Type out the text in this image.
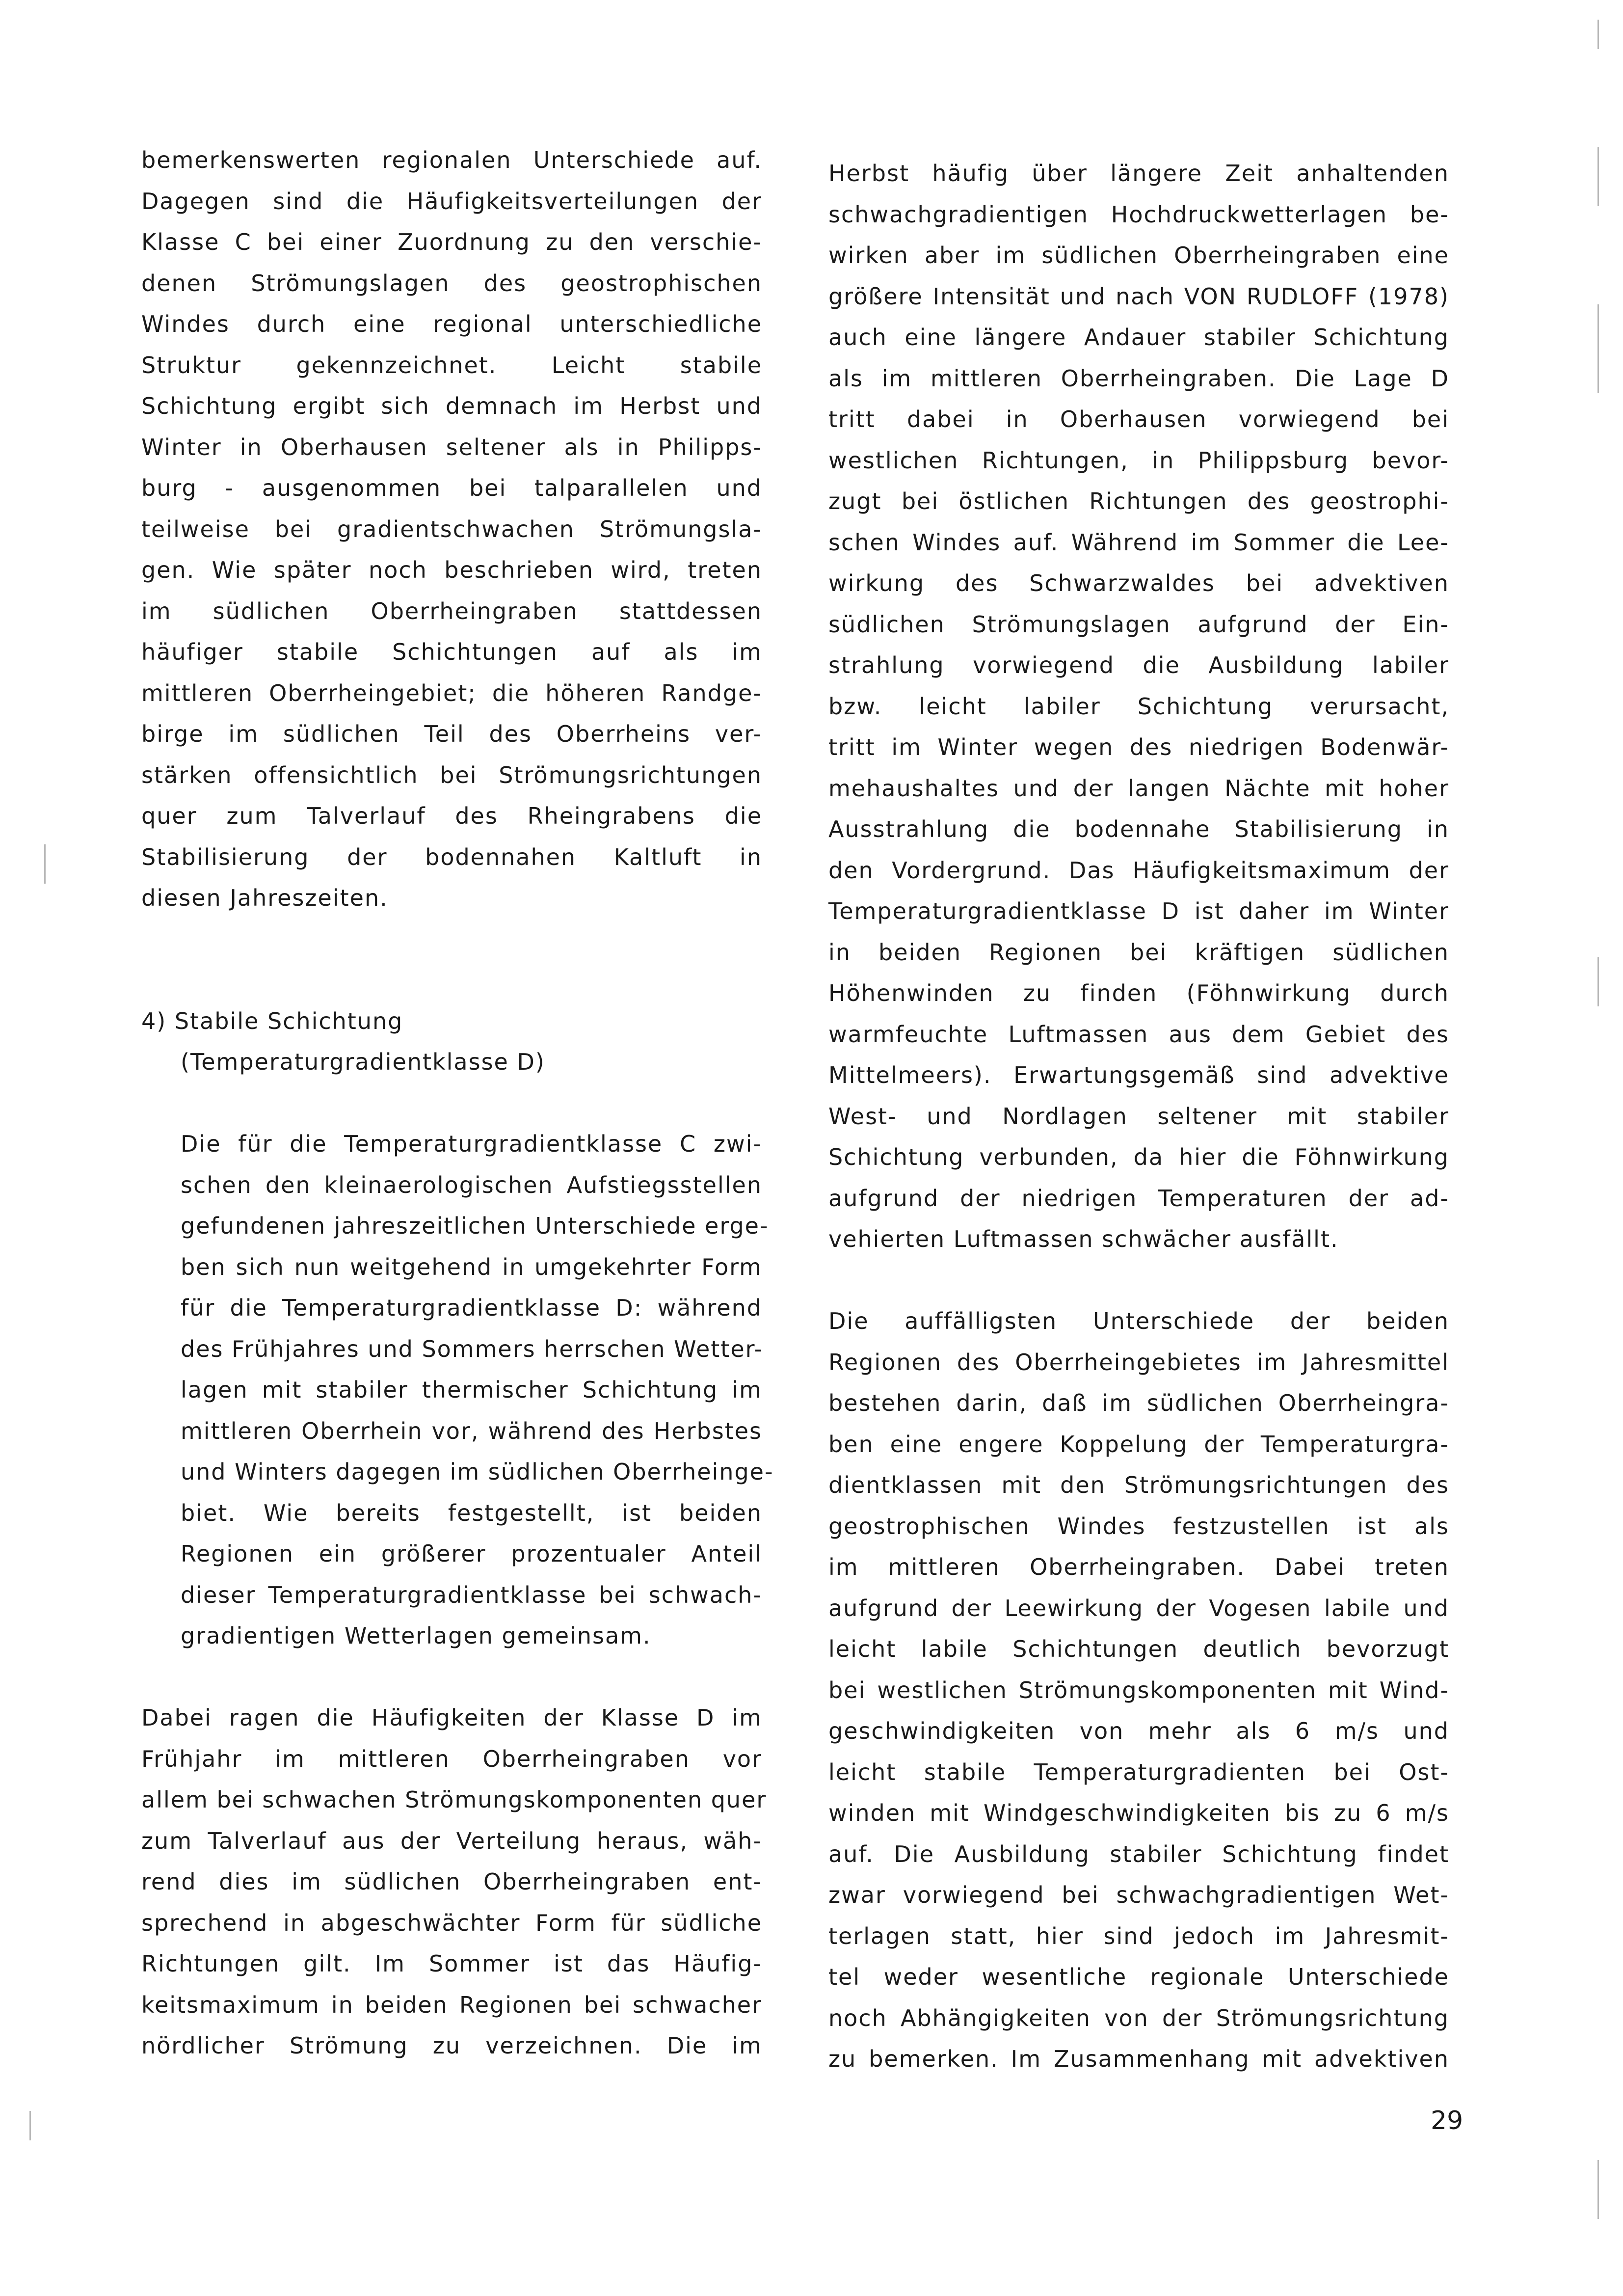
bemerkenswerten regionalen Unterschiede auf.
Dagegen sind die Häufigkeitsverteilungen der
Klasse C bei einer Zuordnung zu den verschie-
denen Strömungslagen des geostrophischen
Windes durch eine regional unterschiedliche
Struktur gekennzeichnet. Leicht stabile
Schichtung ergibt sich demnach im Herbst und
Winter in Oberhausen seltener als in Philipps-
burg - ausgenommen bei talparallelen und
teilweise bei gradientschwachen Strömungsla-
gen. Wie später noch beschrieben wird, treten
im südlichen Oberrheingraben stattdessen
häufiger stabile Schichtungen auf als im
mittleren Oberrheingebiet; die höheren Randge-
birge im südlichen Teil des Oberrheins ver-
stärken offensichtlich bei Strömungsrichtungen
quer zum Talverlauf des Rheingrabens die
Stabilisierung der bodennahen Kaltluft in
diesen Jahreszeiten.
4) Stabile Schichtung
(Temperaturgradientklasse D)
Die für die Temperaturgradientklasse C zwi-
schen den kleinaerologischen Aufstiegsstellen
gefundenen jahreszeitlichen Unterschiede erge-
ben sich nun weitgehend in umgekehrter Form
für die Temperaturgradientklasse D: während
des Frühjahres und Sommers herrschen Wetter-
lagen mit stabiler thermischer Schichtung im
mittleren Oberrhein vor, während des Herbstes
und Winters dagegen im südlichen Oberrheinge-
biet. Wie bereits festgestellt, ist beiden
Regionen ein größerer prozentualer Anteil
dieser Temperaturgradientklasse bei schwach-
gradientigen Wetterlagen gemeinsam.
Dabei ragen die Häufigkeiten der Klasse D im
Frühjahr im mittleren Oberrheingraben vor
allem bei schwachen Strömungskomponenten quer
zum Talverlauf aus der Verteilung heraus, wäh-
rend dies im südlichen Oberrheingraben ent-
sprechend in abgeschwächter Form für südliche
Richtungen gilt. Im Sommer ist das Häufig-
keitsmaximum in beiden Regionen bei schwacher
nördlicher Strömung zu verzeichnen. Die im
Herbst häufig über längere Zeit anhaltenden
schwachgradientigen Hochdruckwetterlagen be-
wirken aber im südlichen Oberrheingraben eine
größere Intensität und nach VON RUDLOFF (1978)
auch eine längere Andauer stabiler Schichtung
als im mittleren Oberrheingraben. Die Lage D
tritt dabei in Oberhausen vorwiegend bei
westlichen Richtungen, in Philippsburg bevor-
zugt bei östlichen Richtungen des geostrophi-
schen Windes auf. Während im Sommer die Lee-
wirkung des Schwarzwaldes bei advektiven
südlichen Strömungslagen aufgrund der Ein-
strahlung vorwiegend die Ausbildung labiler
bzw. leicht labiler Schichtung verursacht,
tritt im Winter wegen des niedrigen Bodenwär-
mehaushaltes und der langen Nächte mit hoher
Ausstrahlung die bodennahe Stabilisierung in
den Vordergrund. Das Häufigkeitsmaximum der
Temperaturgradientklasse D ist daher im Winter
in beiden Regionen bei kräftigen südlichen
Höhenwinden zu finden (Föhnwirkung durch
warmfeuchte Luftmassen aus dem Gebiet des
Mittelmeers). Erwartungsgemäß sind advektive
West- und Nordlagen seltener mit stabiler
Schichtung verbunden, da hier die Föhnwirkung
aufgrund der niedrigen Temperaturen der ad-
vehierten Luftmassen schwächer ausfällt.
Die auffälligsten Unterschiede der beiden
Regionen des Oberrheingebietes im Jahresmittel
bestehen darin, daß im südlichen Oberrheingra-
ben eine engere Koppelung der Temperaturgra-
dientklassen mit den Strömungsrichtungen des
geostrophischen Windes festzustellen ist als
im mittleren Oberrheingraben. Dabei treten
aufgrund der Leewirkung der Vogesen labile und
leicht labile Schichtungen deutlich bevorzugt
bei westlichen Strömungskomponenten mit Wind-
geschwindigkeiten von mehr als 6 m/s und
leicht stabile Temperaturgradienten bei Ost-
winden mit Windgeschwindigkeiten bis zu 6 m/s
auf. Die Ausbildung stabiler Schichtung findet
zwar vorwiegend bei schwachgradientigen Wet-
terlagen statt, hier sind jedoch im Jahresmit-
tel weder wesentliche regionale Unterschiede
noch Abhängigkeiten von der Strömungsrichtung
zu bemerken. Im Zusammenhang mit advektiven
29
